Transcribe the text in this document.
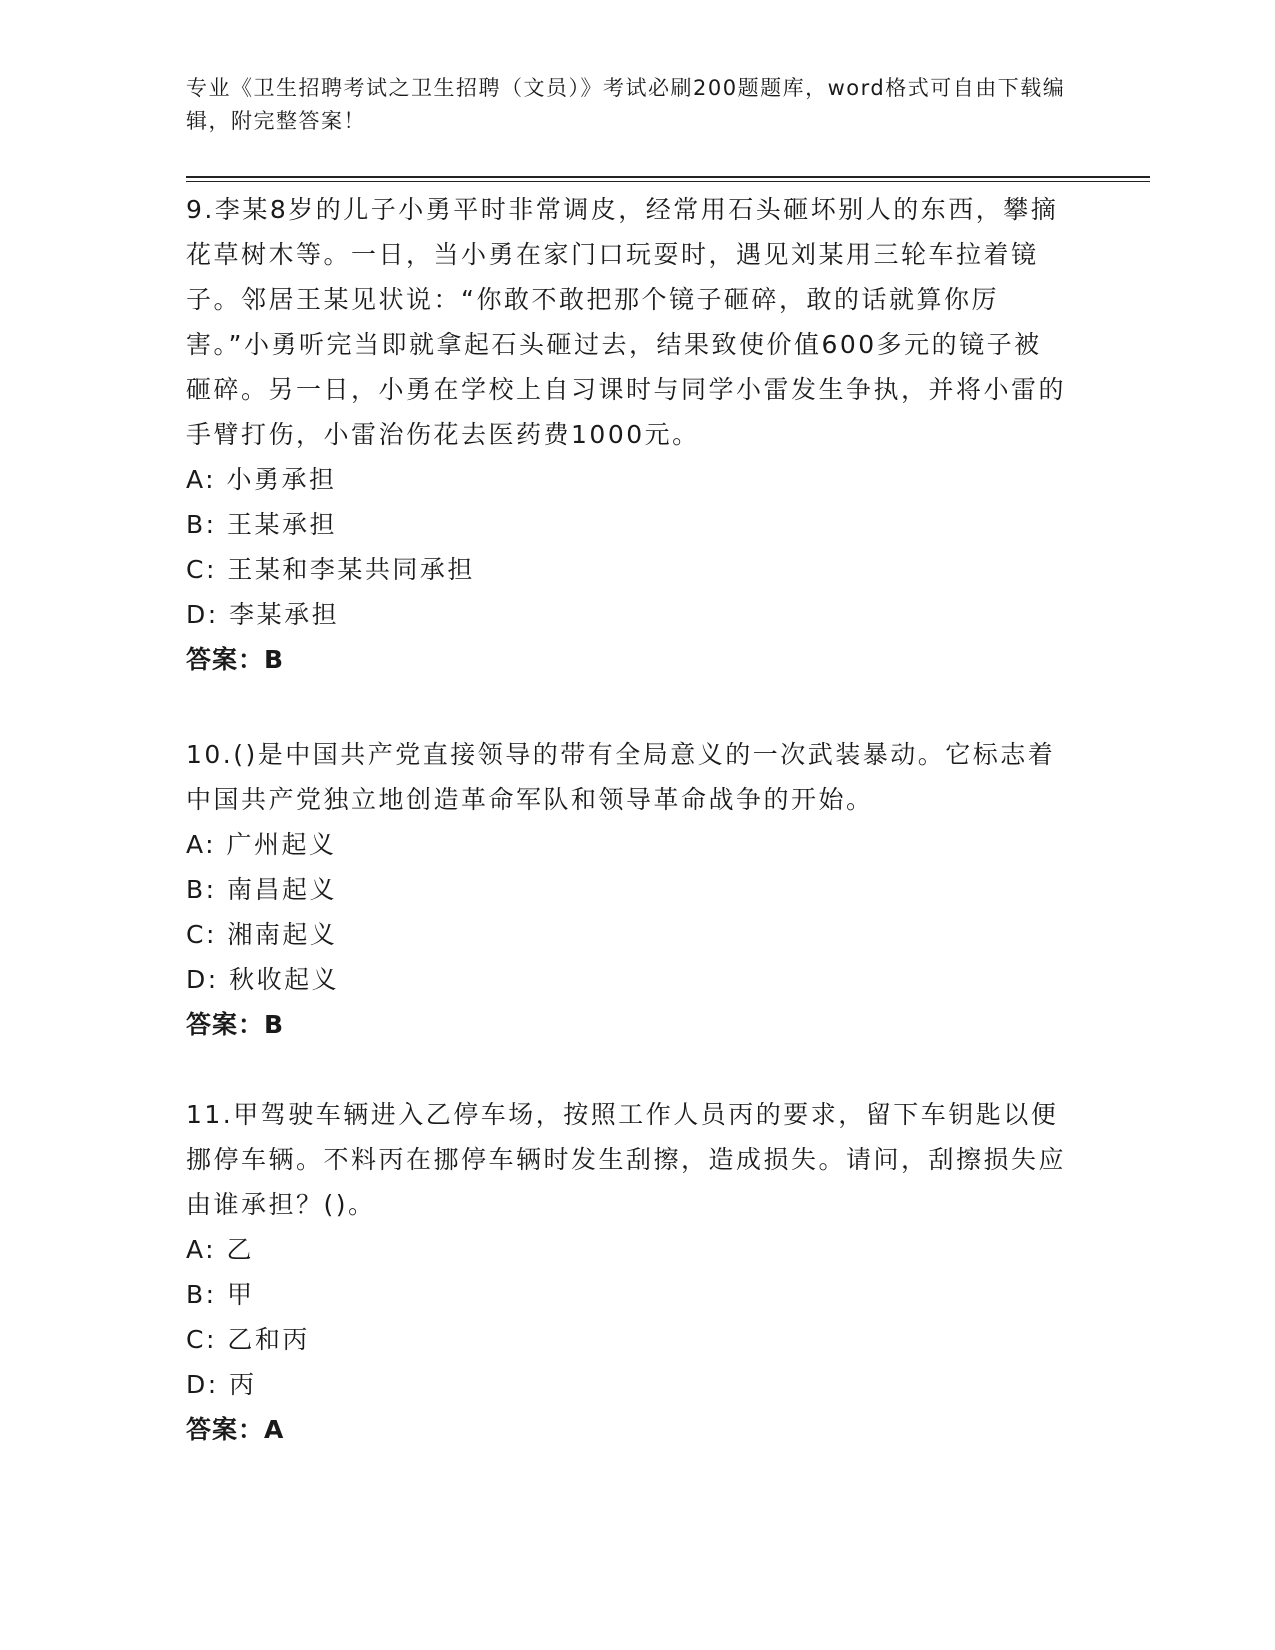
专业《卫生招聘考试之卫生招聘（文员）》考试必刷200题题库，word格式可自由下载编辑，附完整答案！
9.李某8岁的儿子小勇平时非常调皮，经常用石头砸坏别人的东西，攀摘花草树木等。一日，当小勇在家门口玩耍时，遇见刘某用三轮车拉着镜子。邻居王某见状说：“你敢不敢把那个镜子砸碎，敢的话就算你厉害。”小勇听完当即就拿起石头砸过去，结果致使价值600多元的镜子被砸碎。另一日，小勇在学校上自习课时与同学小雷发生争执，并将小雷的手臂打伤，小雷治伤花去医药费1000元。
A: 小勇承担
B: 王某承担
C: 王某和李某共同承担
D: 李某承担
答案：B
10.()是中国共产党直接领导的带有全局意义的一次武装暴动。它标志着中国共产党独立地创造革命军队和领导革命战争的开始。
A: 广州起义
B: 南昌起义
C: 湘南起义
D: 秋收起义
答案：B
11.甲驾驶车辆进入乙停车场，按照工作人员丙的要求，留下车钥匙以便挪停车辆。不料丙在挪停车辆时发生刮擦，造成损失。请问，刮擦损失应由谁承担？()。
A: 乙
B: 甲
C: 乙和丙
D: 丙
答案：A
